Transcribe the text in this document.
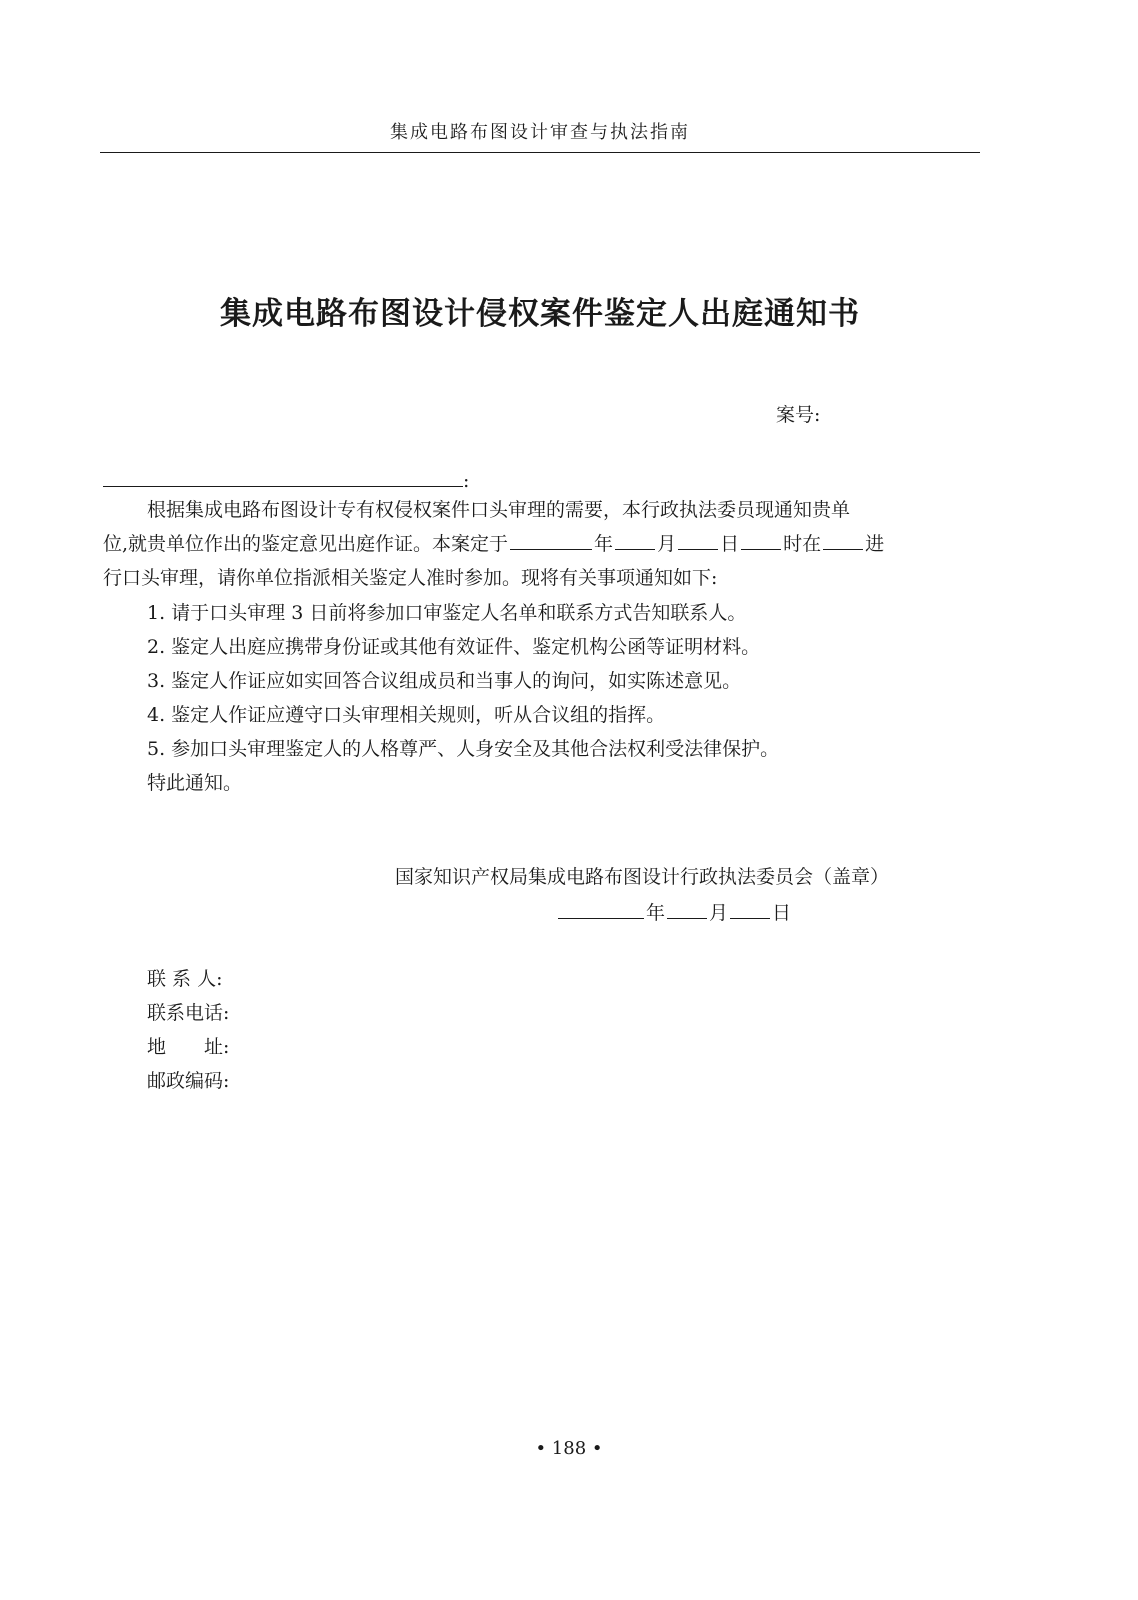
集成电路布图设计审查与执法指南
集成电路布图设计侵权案件鉴定人出庭通知书
案号:
:
根据集成电路布图设计专有权侵权案件口头审理的需要，本行政执法委员现通知贵单
位,就贵单位作出的鉴定意见出庭作证。本案定于	年 月 日 时在 进
行口头审理，请你单位指派相关鉴定人准时参加。现将有关事项通知如下:
1. 请于口头审理 3 日前将参加口审鉴定人名单和联系方式告知联系人。
2. 鉴定人出庭应携带身份证或其他有效证件、鉴定机构公函等证明材料。
3. 鉴定人作证应如实回答合议组成员和当事人的询问，如实陈述意见。
4. 鉴定人作证应遵守口头审理相关规则，听从合议组的指挥。
5. 参加口头审理鉴定人的人格尊严、人身安全及其他合法权利受法律保护。
特此通知。
国家知识产权局集成电路布图设计行政执法委员会（盖章）
年 月 日
联 系 人:
联系电话:
地　　址:
邮政编码:
• 188 •
